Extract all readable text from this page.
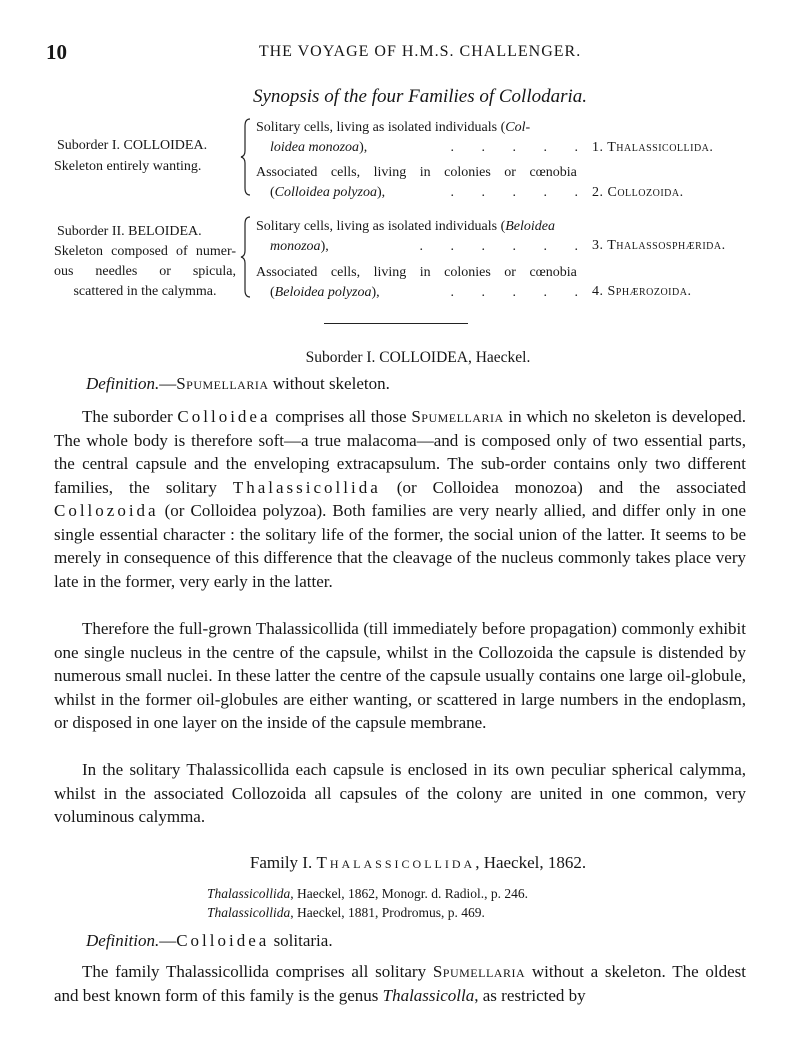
10	THE VOYAGE OF H.M.S. CHALLENGER.
Synopsis of the four Families of Collodaria.
Suborder I. COLLOIDEA.
Skeleton entirely wanting.
Solitary cells, living as isolated individuals (Col-
loidea monozoa),	. . . . . 1. Thalassicollida.
Associated cells, living in colonies or cœnobia
(Colloidea polyzoa),	. . . . . 2. Collozoida.
Suborder II. BELOIDEA.
Skeleton composed of numer-
ous needles or spicula,
scattered in the calymma.
Solitary cells, living as isolated individuals (Beloidea
monozoa),	. . . . . . 3. Thalassosphærida.
Associated cells, living in colonies or cœnobia
(Beloidea polyzoa),	. . . . . 4. Sphærozoida.
Suborder I. COLLOIDEA, Haeckel.
Definition.—Spumellaria without skeleton.

The suborder Colloidea comprises all those Spumellaria in which no skeleton is developed. The whole body is therefore soft—a true malacoma—and is composed only of two essential parts, the central capsule and the enveloping extracapsulum. The sub-order contains only two different families, the solitary Thalassicollida (or Colloidea monozoa) and the associated Collozoida (or Colloidea polyzoa). Both families are very nearly allied, and differ only in one single essential character : the solitary life of the former, the social union of the latter. It seems to be merely in consequence of this difference that the cleavage of the nucleus commonly takes place very late in the former, very early in the latter.

Therefore the full-grown Thalassicollida (till immediately before propagation) commonly exhibit one single nucleus in the centre of the capsule, whilst in the Collozoida the capsule is distended by numerous small nuclei. In these latter the centre of the capsule usually contains one large oil-globule, whilst in the former oil-globules are either wanting, or scattered in large numbers in the endoplasm, or disposed in one layer on the inside of the capsule membrane.

In the solitary Thalassicollida each capsule is enclosed in its own peculiar spherical calymma, whilst in the associated Collozoida all capsules of the colony are united in one common, very voluminous calymma.

Family I. Thalassicollida, Haeckel, 1862.
Thalassicollida, Haeckel, 1862, Monogr. d. Radiol., p. 246.
Thalassicollida, Haeckel, 1881, Prodromus, p. 469.
Definition.—Colloidea solitaria.

The family Thalassicollida comprises all solitary Spumellaria without a skeleton. The oldest and best known form of this family is the genus Thalassicolla, as restricted by
